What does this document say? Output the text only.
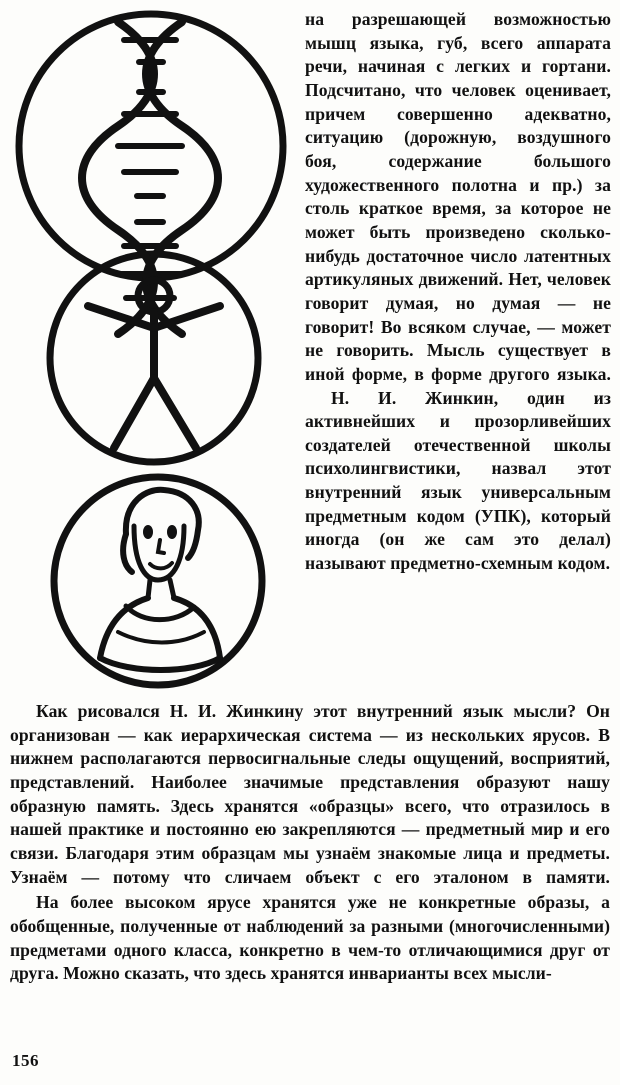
на разрешающей возможностью мышц языка, губ, всего аппарата речи, начиная с легких и гортани. Подсчитано, что человек оценивает, причем совершенно адекватно, ситуацию (дорожную, воздушного боя, содержание большого художественного полотна и пр.) за столь краткое время, за которое не может быть произведено сколько-нибудь достаточное число латентных артикуляных движений. Нет, человек говорит думая, но думая — не говорит! Во всяком случае, — может не говорить. Мысль существует в иной форме, в форме другого языка.

Н. И. Жинкин, один из активнейших и прозорливейших создателей отечественной школы психолингвистики, назвал этот внутренний язык универсальным предметным кодом (УПК), который иногда (он же сам это делал) называют предметно-схемным кодом.

Как рисовался Н. И. Жинкину этот внутренний язык мысли? Он организован — как иерархическая система — из нескольких ярусов. В нижнем располагаются первосигнальные следы ощущений, восприятий, представлений. Наиболее значимые представления образуют нашу образную память. Здесь хранятся «образцы» всего, что отразилось в нашей практике и постоянно ею закрепляются — предметный мир и его связи. Благодаря этим образцам мы узнаём знакомые лица и предметы. Узнаём — потому что сличаем объект с его эталоном в памяти.

На более высоком ярусе хранятся уже не конкретные образы, а обобщенные, полученные от наблюдений за разными (многочисленными) предметами одного класса, конкретно в чем-то отличающимися друг от друга. Можно сказать, что здесь хранятся инварианты всех мысли-

156
